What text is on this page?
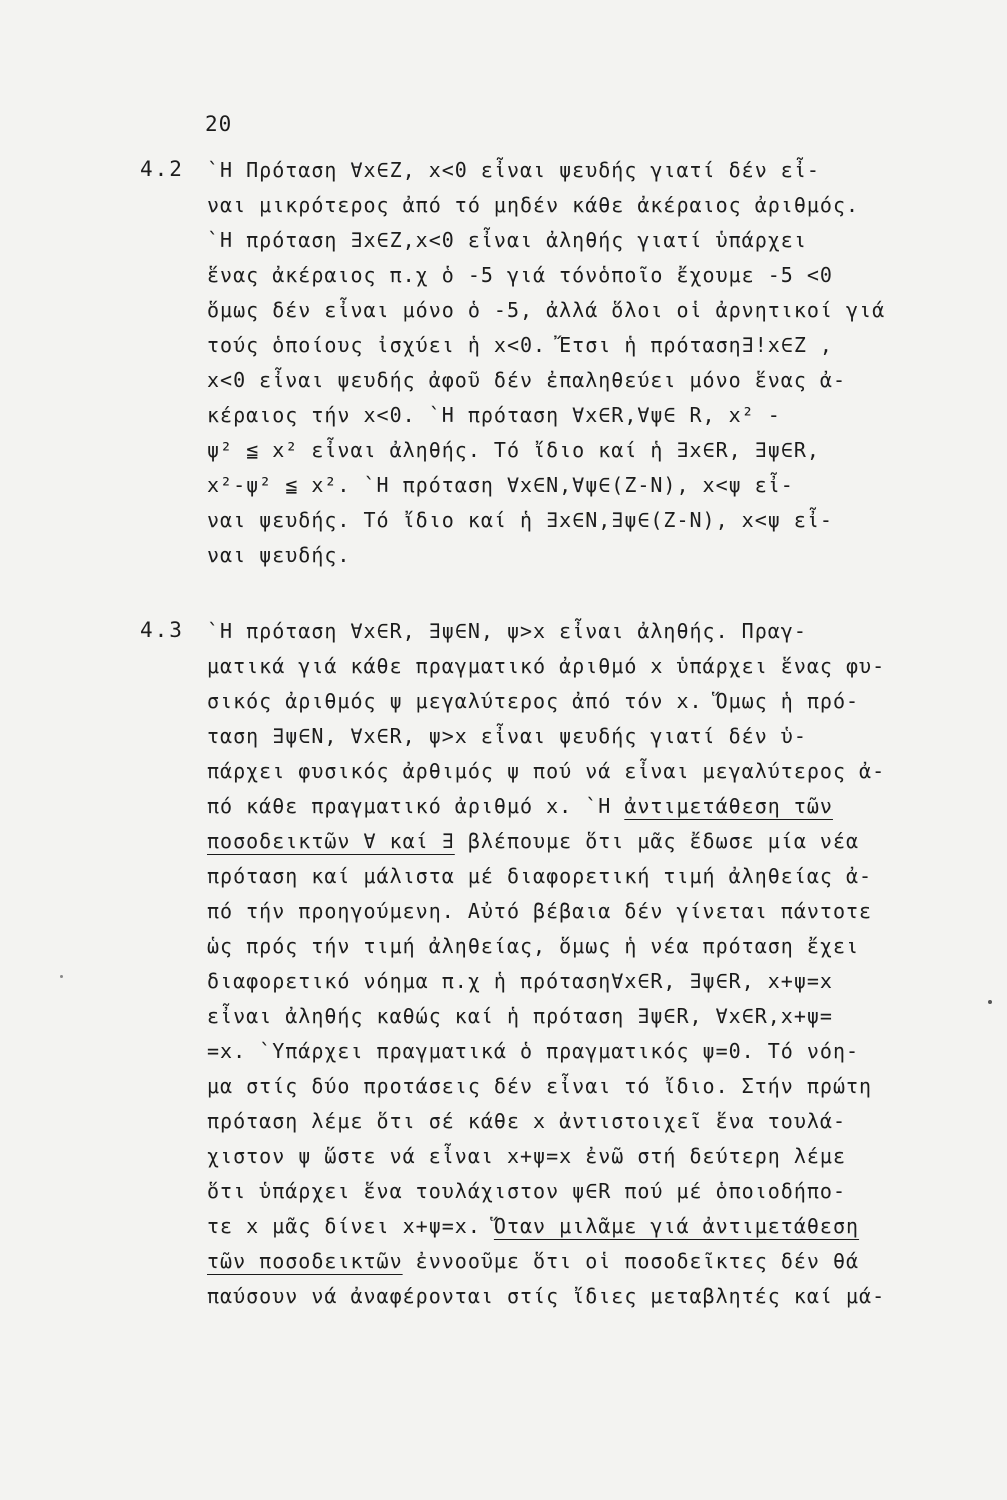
20
4.2 `Η Πρόταση ∀x∈Z, x<0 εἶναι ψευδής γιατί δέν εἶ-
ναι μικρότερος ἀπό τό μηδέν κάθε ἀκέραιος ἀριθμός.
`Η πρόταση ∃x∈Z,x<0 εἶναι ἀληθής γιατί ὑπάρχει
ἕνας ἀκέραιος π.χ ὁ -5 γιά τόνὁποῖο ἔχουμε -5 <0
ὅμως δέν εἶναι μόνο ὁ -5, ἀλλά ὅλοι οἱ ἀρνητικοί γιά
τούς ὁποίους ἰσχύει ἡ x<0. Ἔτσι ἡ πρόταση∃!x∈Z ,
x<0 εἶναι ψευδής ἀφοῦ δέν ἐπαληθεύει μόνο ἕνας ἀ-
κέραιος τήν x<0. `Η πρόταση ∀x∈R,∀ψ∈ R, x² -
ψ² ≦ x² εἶναι ἀληθής. Τό ἴδιο καί ἡ ∃x∈R, ∃ψ∈R,
x²-ψ² ≦ x². `Η πρόταση ∀x∈N,∀ψ∈(Z-N), x<ψ εἶ-
ναι ψευδής. Τό ἴδιο καί ἡ ∃x∈N,∃ψ∈(Z-N), x<ψ εἶ-
ναι ψευδής.
4.3 `Η πρόταση ∀x∈R, ∃ψ∈N, ψ>x εἶναι ἀληθής. Πραγ-
ματικά γιά κάθε πραγματικό ἀριθμό x ὑπάρχει ἕνας φυ-
σικός ἀριθμός ψ μεγαλύτερος ἀπό τόν x. Ὅμως ἡ πρό-
ταση ∃ψ∈N, ∀x∈R, ψ>x εἶναι ψευδής γιατί δέν ὑ-
πάρχει φυσικός ἀρθιμός ψ πού νά εἶναι μεγαλύτερος ἀ-
πό κάθε πραγματικό ἀριθμό x. `Η ἀντιμετάθεση τῶν
ποσοδεικτῶν ∀ καί ∃ βλέπουμε ὅτι μᾶς ἔδωσε μία νέα
πρόταση καί μάλιστα μέ διαφορετική τιμή ἀληθείας ἀ-
πό τήν προηγούμενη. Αὐτό βέβαια δέν γίνεται πάντοτε
ὡς πρός τήν τιμή ἀληθείας, ὅμως ἡ νέα πρόταση ἔχει
διαφορετικό νόημα π.χ ἡ πρόταση∀x∈R, ∃ψ∈R, x+ψ=x
εἶναι ἀληθής καθώς καί ἡ πρόταση ∃ψ∈R, ∀x∈R,x+ψ=
=x. `Υπάρχει πραγματικά ὁ πραγματικός ψ=0. Τό νόη-
μα στίς δύο προτάσεις δέν εἶναι τό ἴδιο. Στήν πρώτη
πρόταση λέμε ὅτι σέ κάθε x ἀντιστοιχεῖ ἕνα τουλά-
χιστον ψ ὥστε νά εἶναι x+ψ=x ἐνῶ στή δεύτερη λέμε
ὅτι ὑπάρχει ἕνα τουλάχιστον ψ∈R πού μέ ὁποιοδήπο-
τε x μᾶς δίνει x+ψ=x. Ὅταν μιλᾶμε γιά ἀντιμετάθεση
τῶν ποσοδεικτῶν ἐννοοῦμε ὅτι οἱ ποσοδεῖκτες δέν θά
παύσουν νά ἀναφέρονται στίς ἴδιες μεταβλητές καί μά-
